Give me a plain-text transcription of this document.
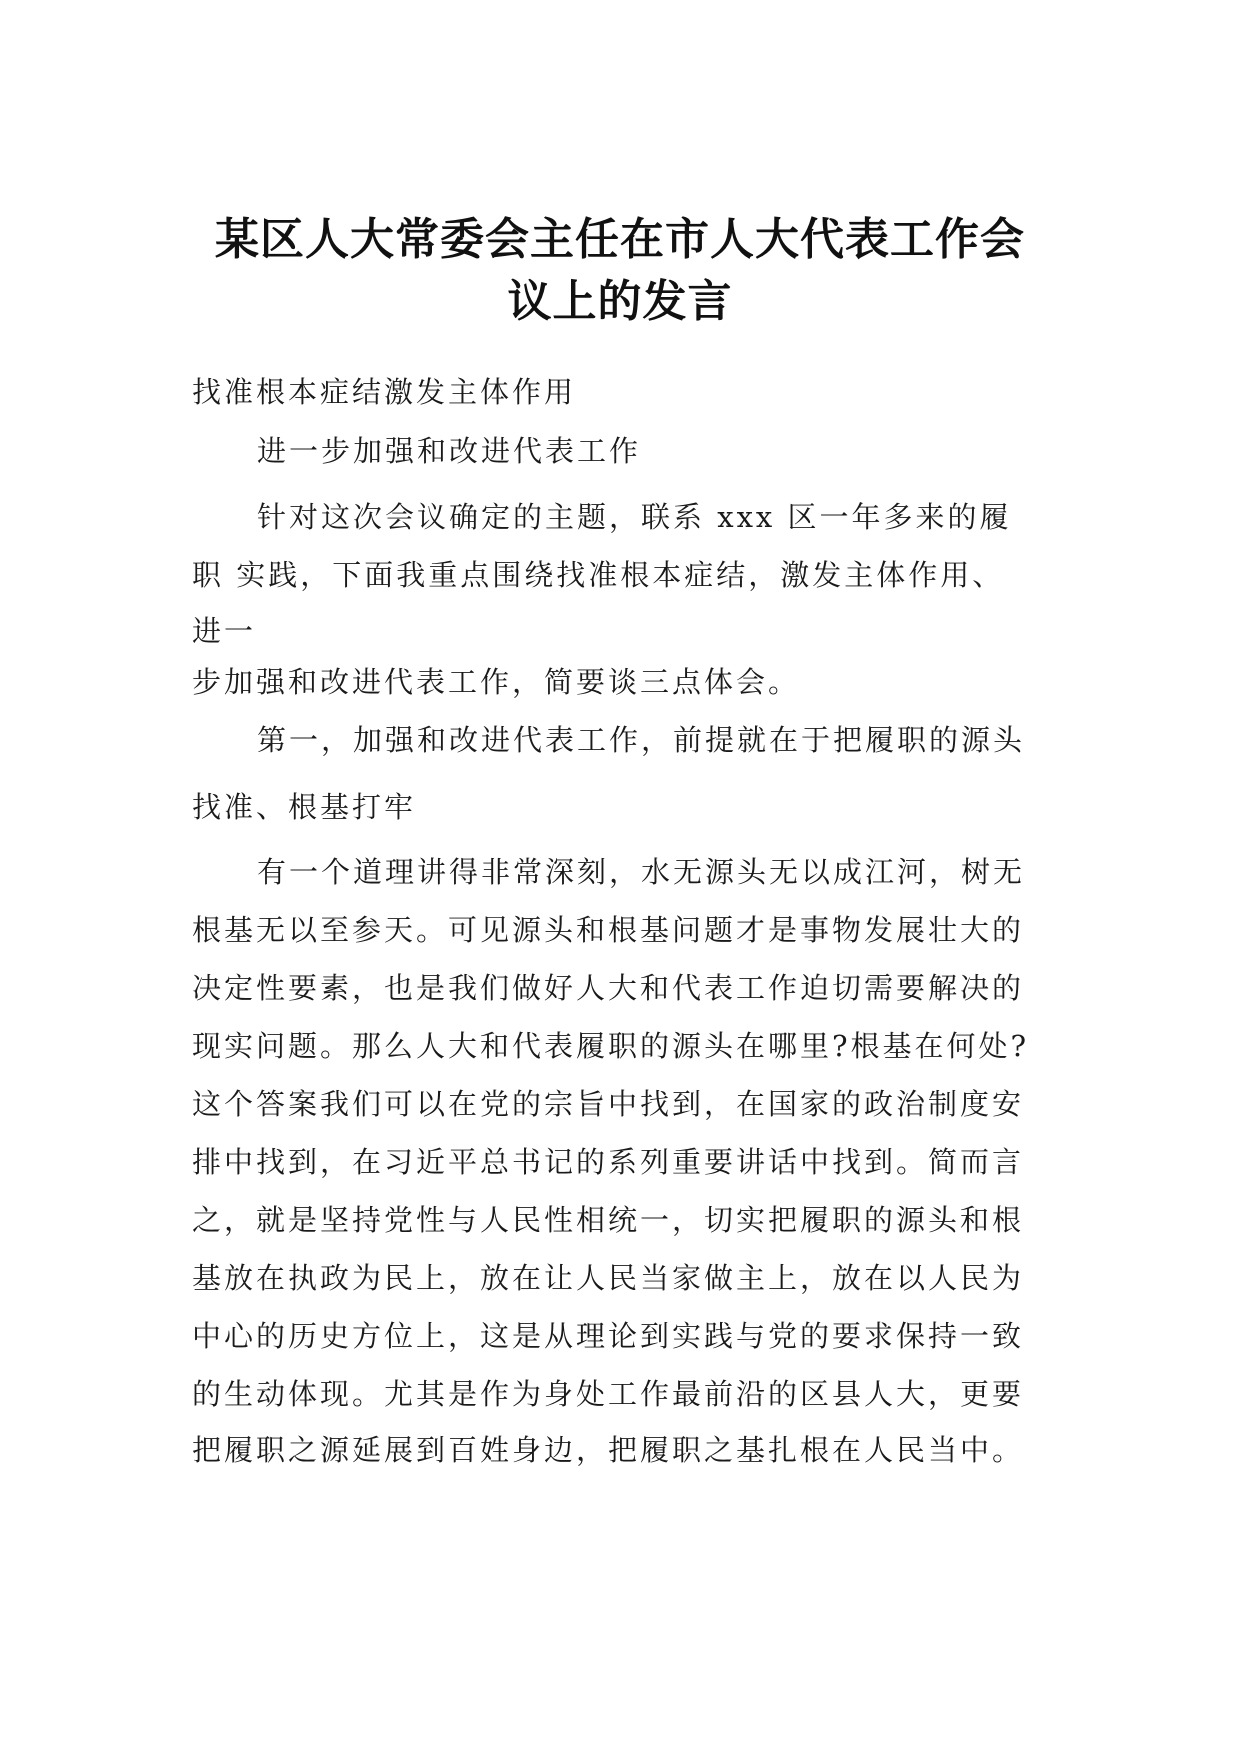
某区人大常委会主任在市人大代表工作会
议上的发言
找准根本症结激发主体作用
进一步加强和改进代表工作
针对这次会议确定的主题，联系 xxx 区一年多来的履
职 实践，下面我重点围绕找准根本症结，激发主体作用、
进一
步加强和改进代表工作，简要谈三点体会。
第一，加强和改进代表工作，前提就在于把履职的源头
找准、根基打牢
有一个道理讲得非常深刻，水无源头无以成江河，树无
根基无以至参天。可见源头和根基问题才是事物发展壮大的
决定性要素，也是我们做好人大和代表工作迫切需要解决的
现实问题。那么人大和代表履职的源头在哪里?根基在何处?
这个答案我们可以在党的宗旨中找到，在国家的政治制度安
排中找到，在习近平总书记的系列重要讲话中找到。简而言
之，就是坚持党性与人民性相统一，切实把履职的源头和根
基放在执政为民上，放在让人民当家做主上，放在以人民为
中心的历史方位上，这是从理论到实践与党的要求保持一致
的生动体现。尤其是作为身处工作最前沿的区县人大，更要
把履职之源延展到百姓身边，把履职之基扎根在人民当中。
